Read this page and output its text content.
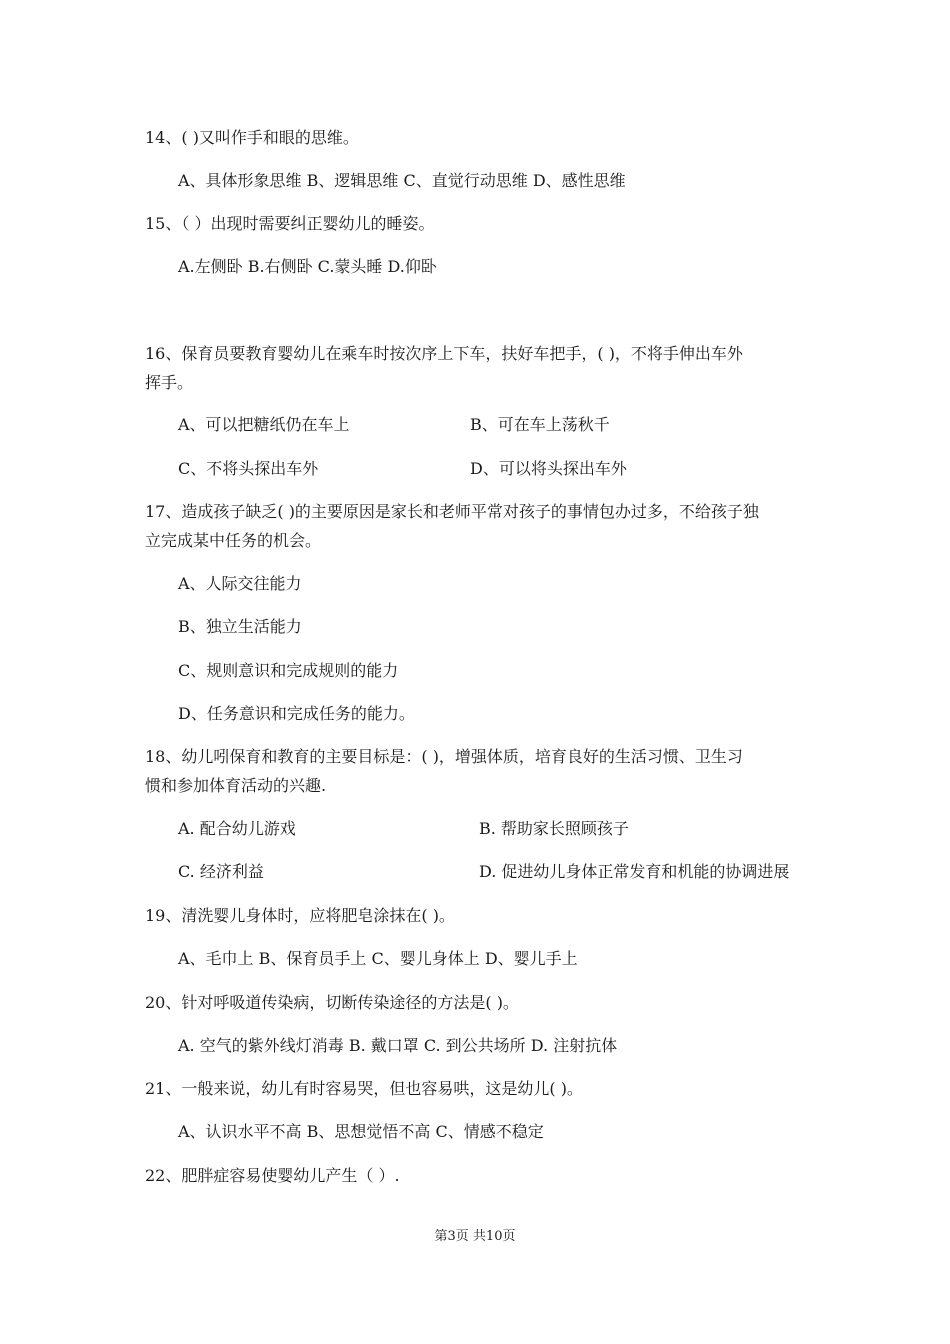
14、( )又叫作手和眼的思维。
A、具体形象思维 B、逻辑思维 C、直觉行动思维 D、感性思维
15、（ ）出现时需要纠正婴幼儿的睡姿。
A.左侧卧 B.右侧卧 C.蒙头睡 D.仰卧
16、保育员要教育婴幼儿在乘车时按次序上下车，扶好车把手，( )，不将手伸出车外
挥手。
A、可以把糖纸仍在车上	B、可在车上荡秋千
C、不将头探出车外	D、可以将头探出车外
17、造成孩子缺乏( )的主要原因是家长和老师平常对孩子的事情包办过多，不给孩子独
立完成某中任务的机会。
A、人际交往能力
B、独立生活能力
C、规则意识和完成规则的能力
D、任务意识和完成任务的能力。
18、幼儿吲保育和教育的主要目标是：( )，增强体质，培育良好的生活习惯、卫生习
惯和参加体育活动的兴趣.
A. 配合幼儿游戏	B. 帮助家长照顾孩子
C. 经济利益	D. 促进幼儿身体正常发育和机能的协调进展
19、清洗婴儿身体时，应将肥皂涂抹在( )。
A、毛巾上 B、保育员手上 C、婴儿身体上 D、婴儿手上
20、针对呼吸道传染病，切断传染途径的方法是( )。
A. 空气的紫外线灯消毒 B. 戴口罩 C. 到公共场所 D. 注射抗体
21、一般来说，幼儿有时容易哭，但也容易哄，这是幼儿( )。
A、认识水平不高 B、思想觉悟不高 C、情感不稳定
22、肥胖症容易使婴幼儿产生（ ）.
第3页 共10页
